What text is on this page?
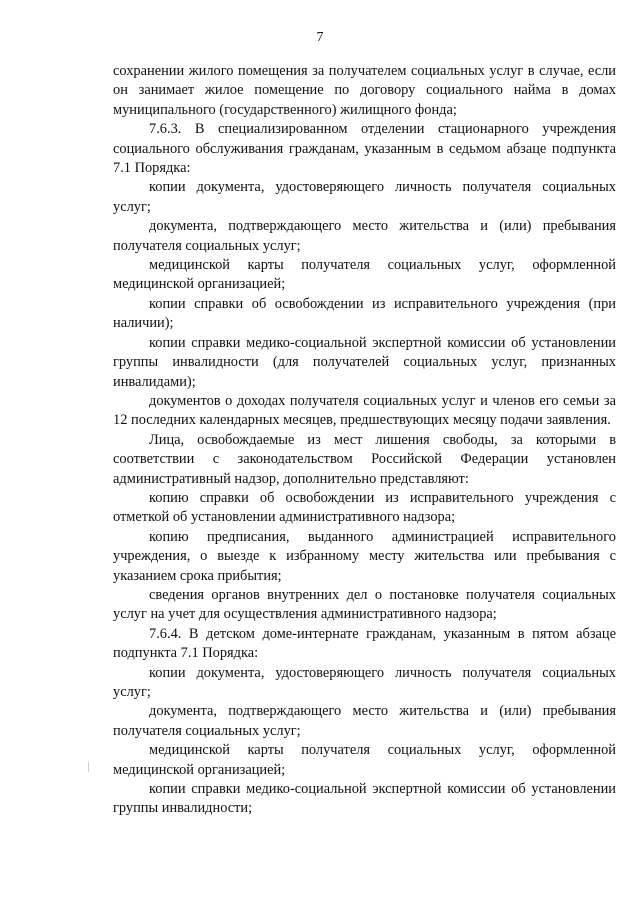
7

сохранении жилого помещения за получателем социальных услуг в случае, если он занимает жилое помещение по договору социального найма в домах муниципального (государственного) жилищного фонда;

7.6.3. В специализированном отделении стационарного учреждения социального обслуживания гражданам, указанным в седьмом абзаце подпункта 7.1 Порядка:

копии документа, удостоверяющего личность получателя социальных услуг;

документа, подтверждающего место жительства и (или) пребывания получателя социальных услуг;

медицинской карты получателя социальных услуг, оформленной медицинской организацией;

копии справки об освобождении из исправительного учреждения (при наличии);

копии справки медико-социальной экспертной комиссии об установлении группы инвалидности (для получателей социальных услуг, признанных инвалидами);

документов о доходах получателя социальных услуг и членов его семьи за 12 последних календарных месяцев, предшествующих месяцу подачи заявления.

Лица, освобождаемые из мест лишения свободы, за которыми в соответствии с законодательством Российской Федерации установлен административный надзор, дополнительно представляют:

копию справки об освобождении из исправительного учреждения с отметкой об установлении административного надзора;

копию предписания, выданного администрацией исправительного учреждения, о выезде к избранному месту жительства или пребывания с указанием срока прибытия;

сведения органов внутренних дел о постановке получателя социальных услуг на учет для осуществления административного надзора;

7.6.4. В детском доме-интернате гражданам, указанным в пятом абзаце подпункта 7.1 Порядка:

копии документа, удостоверяющего личность получателя социальных услуг;

документа, подтверждающего место жительства и (или) пребывания получателя социальных услуг;

медицинской карты получателя социальных услуг, оформленной медицинской организацией;

копии справки медико-социальной экспертной комиссии об установлении группы инвалидности;
